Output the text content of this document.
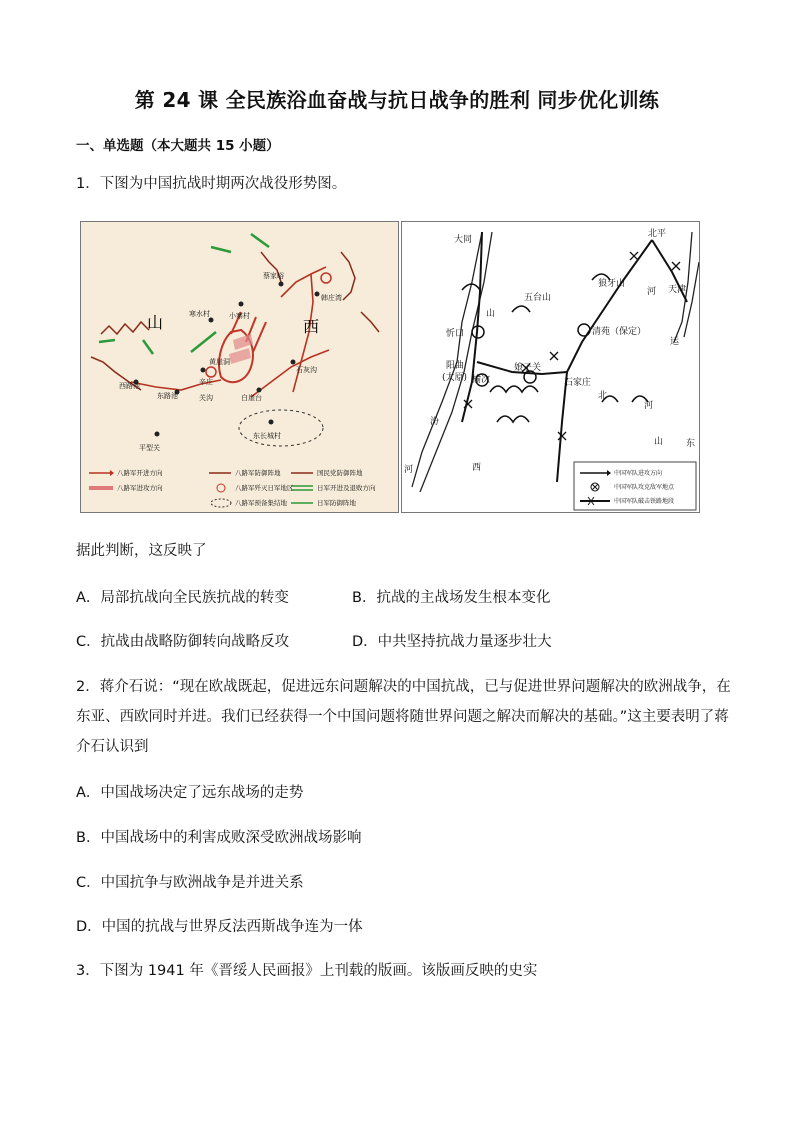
第 24 课 全民族浴血奋战与抗日战争的胜利 同步优化训练
一、单选题（本大题共 15 小题）
1．下图为中国抗战时期两次战役形势图。
蔡家峪
韩庄湾
寒水村	小寨村
黄崖洞
辛庄
关沟	白崖台
石灰沟
西路池
东路池
平型关
东长城村
山	西
八路军开进方向	八路军防御阵地	国民党防御阵地
八路军进攻方向	八路军歼灭日军地区	日军开进及退败方向
八路军预备集结地	日军防御阵地
大同
北平
五台山
狼牙山
河 天津
山
忻口	清苑（保定）
运
阳曲
(太原) 榆次
娘子关
石家庄
北
河
汾
河	西
山	东
中国军队进攻方向
中国军队攻克敌军地点
中国军队破击铁路地段
据此判断，这反映了
A．局部抗战向全民族抗战的转变	B．抗战的主战场发生根本变化
C．抗战由战略防御转向战略反攻	D．中共坚持抗战力量逐步壮大
2．蒋介石说：“现在欧战既起，促进远东问题解决的中国抗战，已与促进世界问题解决的欧洲战争，在
东亚、西欧同时并进。我们已经获得一个中国问题将随世界问题之解决而解决的基础。”这主要表明了蒋
介石认识到
A．中国战场决定了远东战场的走势
B．中国战场中的利害成败深受欧洲战场影响
C．中国抗争与欧洲战争是并进关系
D．中国的抗战与世界反法西斯战争连为一体
3．下图为 1941 年《晋绥人民画报》上刊载的版画。该版画反映的史实
